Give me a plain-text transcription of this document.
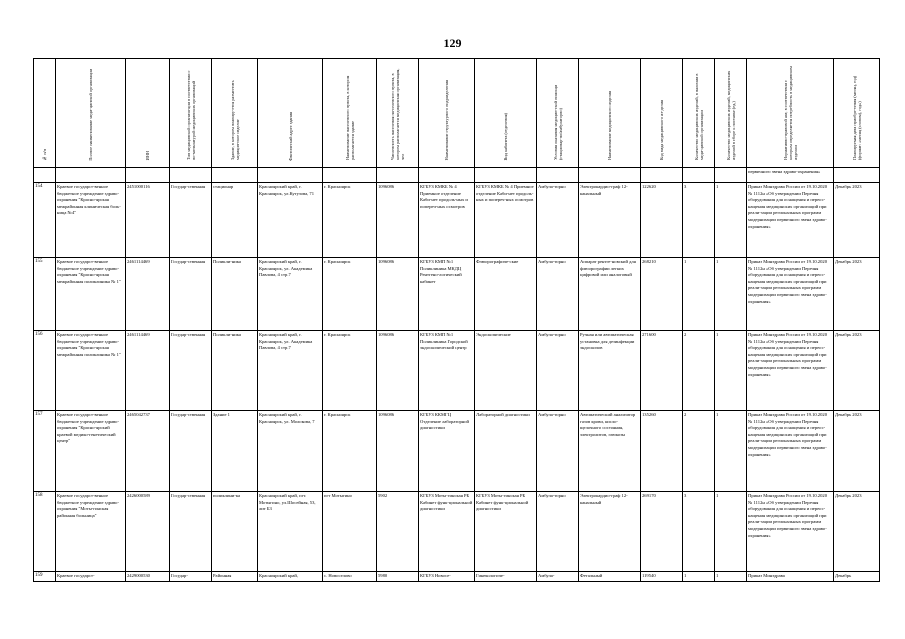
129
№ п/п	Полное наименование меди-цинской организации	ИНН	Тип медицинской организа-ции в соответствии с но-менклатурой медицинских организаций	Здание, в котором планиру-ется разместить медицин-ское изделие	Фактический адрес здания	Наименование населенного пункта, в котором располагается здание	Численность населения на-селенного пункта, в котором располагается медицинская организация, чел	Наименование структурного подразделения	Вид кабинета (отделения)	Условия оказания медицин-ской помощи (стационар-но/амбулаторно)	Наименование медицинского изделия	Код вида медицинского из-делия	Количество медицинских изделий, в наличии в меди-цинской организации	Количество медицинских изделий, медицинских изделий в сборе к поставке (ед.)	Нормативно-правовой акт, в соответствии с которым определяется потребность в медицинском изделии	Планируемая дата приобре-тения (месяц, год) (формат: «месяц (словом), год»)
															первичного звена здраво-охранения»	
154	Краевое государст-венное бюджетное учреждение здраво-охранения "Красно-ярская межрайонная клиническая боль-ница №4"	2451000116	Государ-ственная	стационар	Красноярский край, г. Красноярск, ул.Кутузова, 71	г. Красноярск	1096086	КГБУЗ КМКБ № 4 Приемное отделение Каби-нет продоль-ных и попереч-ных осмотров	КГБУЗ КМКБ № 4 Приемное отделение Каби-нет продоль-ных и попереч-ных осмотров	Амбула-торно	Электрокардио-граф 12-канальный	122620	3	1	Приказ Минздрава России от 19.10.2020 № 1112н «Об утверждении Перечня оборудования для оснащения и переос-нащения медицинских организаций при реали-зации региональных программ модернизации первичного звена здраво-охранения»	Декабрь 2023
155	Краевое государст-венное бюджетное учреждение здраво-охранения "Красно-ярская межрайонная поликлиника № 1"	2461114469	Государ-ственная	Поликли-ника	Красноярский край, г. Красноярск, ул. Академика Павлова, 4 стр.7	г. Красноярск	1096086	КГБУЗ КМП №1 Поликлиника МКДЦ Рентгено-логический кабинет	Флюорографиче-ские	Амбула-торно	Аппарат рентге-новский для флюорографии легких цифровой или аналоговый	268210	1	1	Приказ Минздрава России от 19.10.2020 № 1112н «Об утверждении Перечня оборудования для оснащения и переос-нащения медицинских организаций при реали-зации региональных программ модернизации первичного звена здраво-охранения»	Декабрь 2023
156	Краевое государст-венное бюджетное учреждение здраво-охранения "Красно-ярская межрайонная поликлиника № 1"	2461114469	Государ-ственная	Поликли-ника	Красноярский край, г. Красноярск, ул. Академика Павлова, 4 стр.7	г. Красноярск	1096086	КГБУЗ КМП №1 Поликлиника Городской эндоскопический центр	Эндоскопические	Амбула-торно	Ручная или автоматическая установка для дезинфекции эндоскопов	271600	2	1	Приказ Минздрава России от 19.10.2020 № 1112н «Об утверждении Перечня оборудования для оснащения и переос-нащения медицинских организаций при реали-зации региональных программ модернизации первичного звена здраво-охранения»	Декабрь 2023
157	Краевое государст-венное бюджетное учреждение здраво-охранения "Красно-ярский краевой медико-генетический центр"	2465042737	Государ-ственная	Здание 1	Красноярский край, г. Красноярск, ул. Молокова, 7	г. Красноярск	1096086	КГБУЗ ККМГЦ Отделение лабораторной диагностики	Лабораторной диагностики	Амбула-торно	Автоматический анализатор газов крови, кисло-щелочного состояния, электролитов, глюкозы	135260	2	1	Приказ Минздрава России от 19.10.2020 № 1112н «Об утверждении Перечня оборудования для оснащения и переос-нащения медицинских организаций при реали-зации региональных программ модернизации первичного звена здраво-охранения»	Декабрь 2023
158	Краевое государст-венное бюджетное учреждение здраво-охранения "Моты-гинская районная больница"	2426000589	Государ-ственная	поликлини-ка	Красноярский край, пгт. Мотыгино, ул.Шосейная, 53, лит Б3	пгт Мотыгино	5902	КГБУЗ Моты-гинская РБ Кабинет функ-циональной диагностики	КГБУЗ Моты-гинская РБ Кабинет функ-циональной диагностики	Амбула-торно	Электрокардио-граф 12-канальный	269170	3	1	Приказ Минздрава России от 19.10.2020 № 1112н «Об утверждении Перечня оборудования для оснащения и переос-нащения медицинских организаций при реали-зации региональных программ модернизации первичного звена здраво-охранения»	Декабрь 2023
159	Краевое государст-	2429000530	Государ-	Районная	Красноярский край,	с. Новоселово	5980	КГБУЗ Новосе-	Гинекологиче-	Амбула-	Фетальный	119540	1	1	Приказ Минздрава	Декабрь
